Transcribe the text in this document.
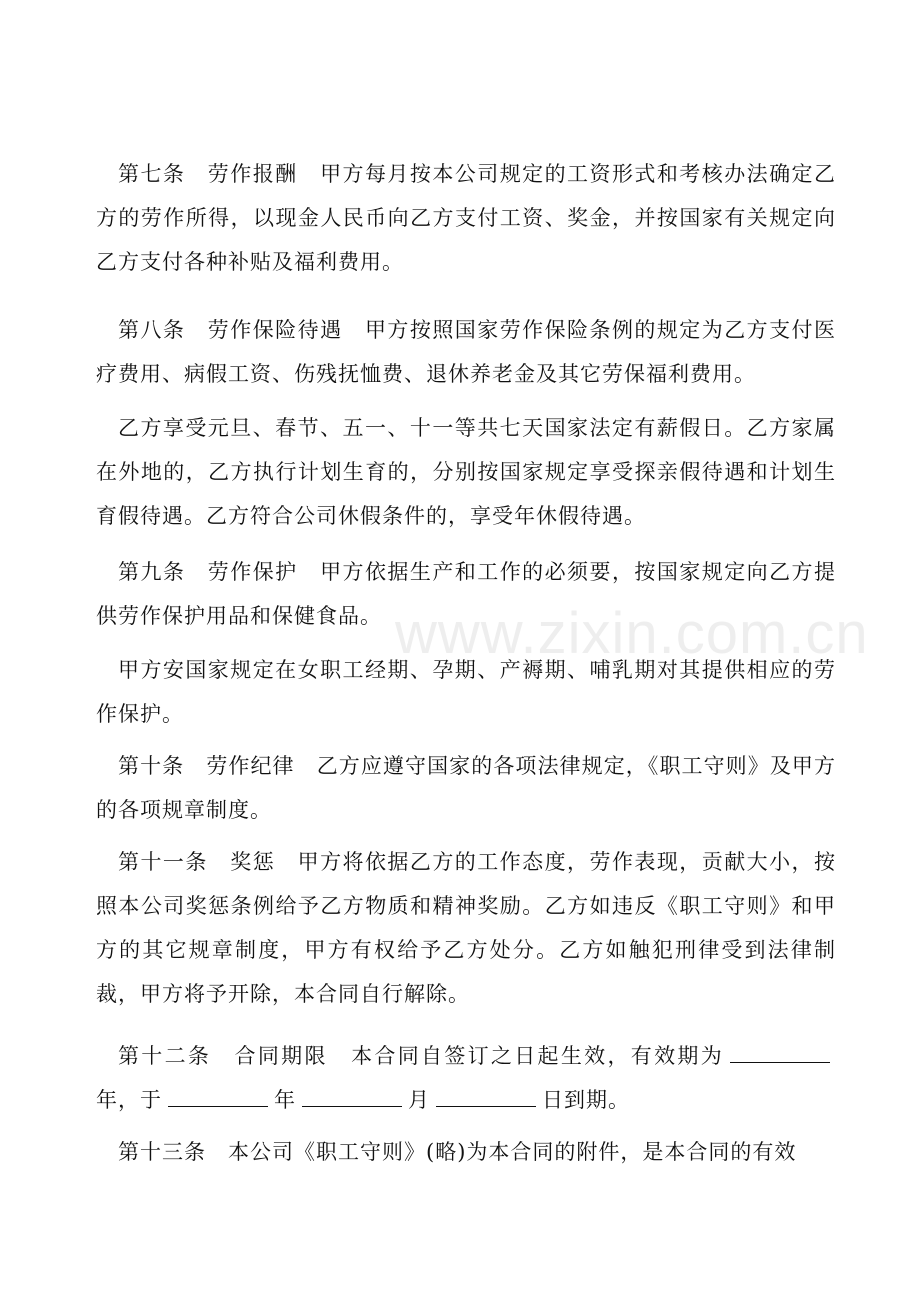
第七条 劳作报酬 甲方每月按本公司规定的工资形式和考核办法确定乙方的劳作所得，以现金人民币向乙方支付工资、奖金，并按国家有关规定向乙方支付各种补贴及福利费用。

第八条 劳作保险待遇 甲方按照国家劳作保险条例的规定为乙方支付医疗费用、病假工资、伤残抚恤费、退休养老金及其它劳保福利费用。

乙方享受元旦、春节、五一、十一等共七天国家法定有薪假日。乙方家属在外地的，乙方执行计划生育的，分别按国家规定享受探亲假待遇和计划生育假待遇。乙方符合公司休假条件的，享受年休假待遇。

第九条 劳作保护 甲方依据生产和工作的必须要，按国家规定向乙方提供劳作保护用品和保健食品。

甲方安国家规定在女职工经期、孕期、产褥期、哺乳期对其提供相应的劳作保护。

第十条 劳作纪律 乙方应遵守国家的各项法律规定，《职工守则》及甲方的各项规章制度。

第十一条 奖惩 甲方将依据乙方的工作态度，劳作表现，贡献大小，按照本公司奖惩条例给予乙方物质和精神奖励。乙方如违反《职工守则》和甲方的其它规章制度，甲方有权给予乙方处分。乙方如触犯刑律受到法律制裁，甲方将予开除，本合同自行解除。

第十二条 合同期限 本合同自签订之日起生效，有效期为年，于	年	月	日到期。

第十三条 本公司《职工守则》(略)为本合同的附件，是本合同的有效

www.zixin.com.cn
